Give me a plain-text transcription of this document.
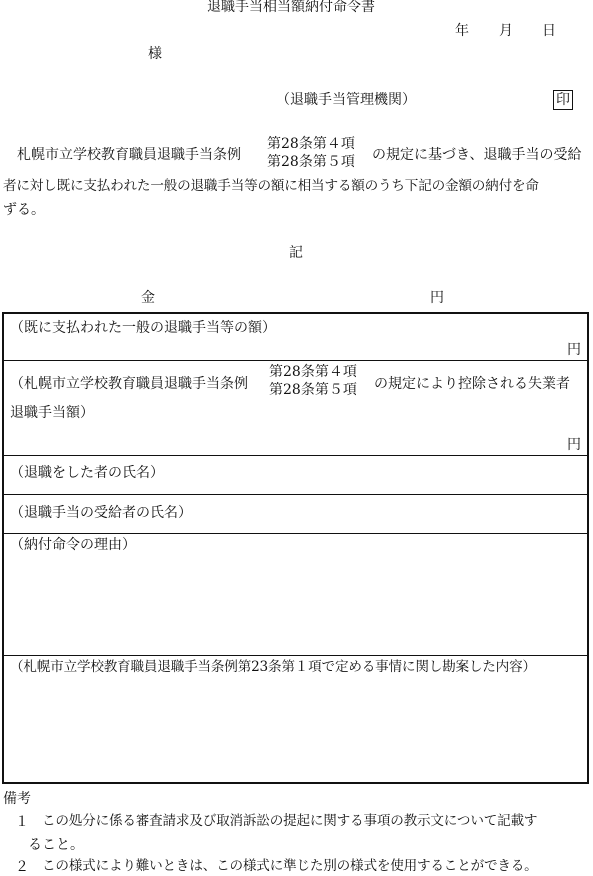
退職手当相当額納付命令書
年 月 日
様
（退職手当管理機関）	印
札幌市立学校教育職員退職手当条例
第28条第４項
第28条第５項 の規定に基づき、退職手当の受給
者に対し既に支払われた一般の退職手当等の額に相当する額のうち下記の金額の納付を命
ずる。
記
金	円
（既に支払われた一般の退職手当等の額）
円
（札幌市立学校教育職員退職手当条例
第28条第４項
第28条第５項 の規定により控除される失業者
退職手当額）
円
（退職をした者の氏名）
（退職手当の受給者の氏名）
（納付命令の理由）
（札幌市立学校教育職員退職手当条例第23条第１項で定める事情に関し勘案した内容）
備考
１ この処分に係る審査請求及び取消訴訟の提起に関する事項の教示文について記載す
ること。
２ この様式により難いときは、この様式に準じた別の様式を使用することができる。
